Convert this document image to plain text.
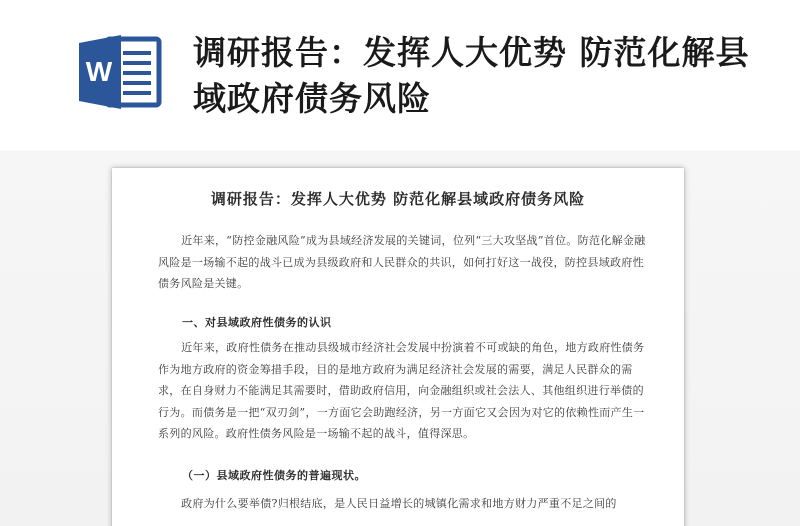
W 调研报告：发挥人大优势 防范化解县域政府债务风险
调研报告：发挥人大优势 防范化解县域政府债务风险
近年来，“防控金融风险”成为县域经济发展的关键词，位列“三大攻坚战”首位。防范化解金融风险是一场输不起的战斗已成为县级政府和人民群众的共识，如何打好这一战役，防控县域政府性债务风险是关键。
一、对县域政府性债务的认识
近年来，政府性债务在推动县级城市经济社会发展中扮演着不可或缺的角色，地方政府性债务作为地方政府的资金筹措手段，目的是地方政府为满足经济社会发展的需要，满足人民群众的需求，在自身财力不能满足其需要时，借助政府信用，向金融组织或社会法人、其他组织进行举债的行为。而债务是一把“双刃剑”，一方面它会助跑经济，另一方面它又会因为对它的依赖性而产生一系列的风险。政府性债务风险是一场输不起的战斗，值得深思。
（一）县域政府性债务的普遍现状。
政府为什么要举债?归根结底，是人民日益增长的城镇化需求和地方财力严重不足之间的
